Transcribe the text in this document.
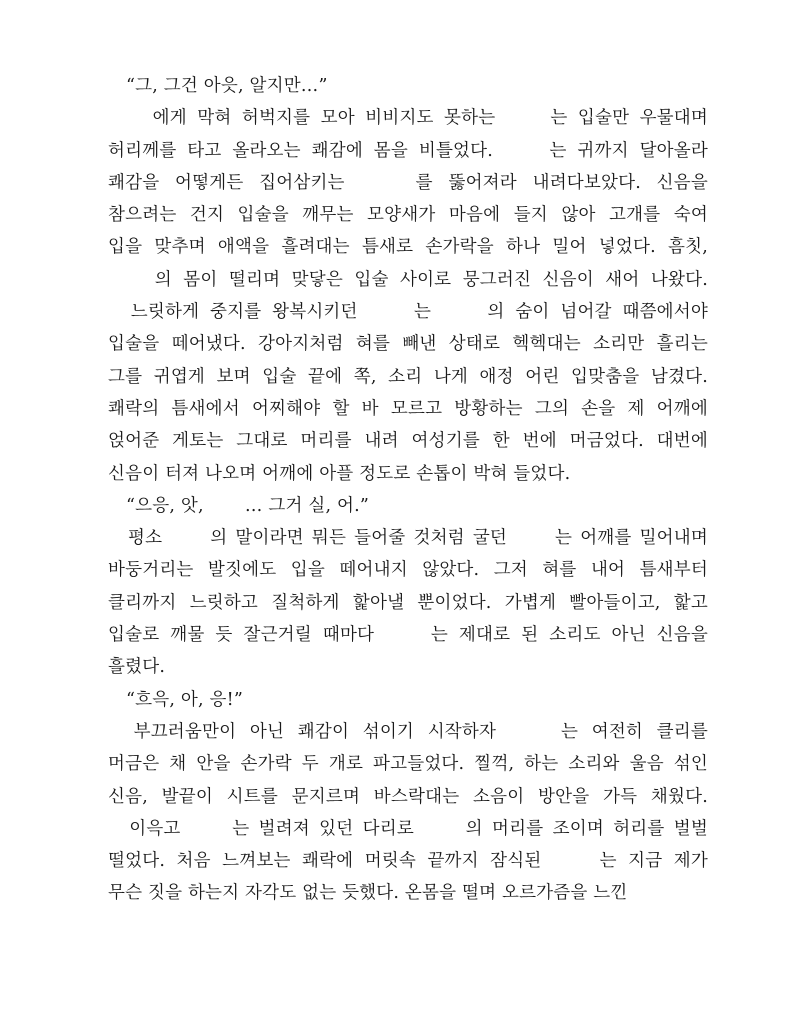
“그, 그건 아읏, 알지만…”
　　에게 막혀 허벅지를 모아 비비지도 못하는 　　는 입술만 우물대며
허리께를 타고 올라오는 쾌감에 몸을 비틀었다. 　　는 귀까지 달아올라
쾌감을 어떻게든 집어삼키는 　　를 뚫어져라 내려다보았다. 신음을
참으려는 건지 입술을 깨무는 모양새가 마음에 들지 않아 고개를 숙여
입을 맞추며 애액을 흘려대는 틈새로 손가락을 하나 밀어 넣었다. 흠칫,
　　의 몸이 떨리며 맞닿은 입술 사이로 뭉그러진 신음이 새어 나왔다.
　느릿하게 중지를 왕복시키던 　　는 　　의 숨이 넘어갈 때쯤에서야
입술을 떼어냈다. 강아지처럼 혀를 빼낸 상태로 헥헥대는 소리만 흘리는
그를 귀엽게 보며 입술 끝에 쪽, 소리 나게 애정 어린 입맞춤을 남겼다.
쾌락의 틈새에서 어찌해야 할 바 모르고 방황하는 그의 손을 제 어깨에
얹어준 게토는 그대로 머리를 내려 여성기를 한 번에 머금었다. 대번에
신음이 터져 나오며 어깨에 아플 정도로 손톱이 박혀 들었다.
“으응, 앗, 　　… 그거 실, 어.”
　평소 　　의 말이라면 뭐든 들어줄 것처럼 굴던 　　는 어깨를 밀어내며
바둥거리는 발짓에도 입을 떼어내지 않았다. 그저 혀를 내어 틈새부터
클리까지 느릿하고 질척하게 핥아낼 뿐이었다. 가볍게 빨아들이고, 핥고
입술로 깨물 듯 잘근거릴 때마다 　　는 제대로 된 소리도 아닌 신음을
흘렸다.
“흐윽, 아, 응!”
　부끄러움만이 아닌 쾌감이 섞이기 시작하자 　　는 여전히 클리를
머금은 채 안을 손가락 두 개로 파고들었다. 찔꺽, 하는 소리와 울음 섞인
신음, 발끝이 시트를 문지르며 바스락대는 소음이 방안을 가득 채웠다.
　이윽고 　　는 벌려져 있던 다리로 　　의 머리를 조이며 허리를 벌벌
떨었다. 처음 느껴보는 쾌락에 머릿속 끝까지 잠식된 　　는 지금 제가
무슨 짓을 하는지 자각도 없는 듯했다. 온몸을 떨며 오르가즘을 느낀
